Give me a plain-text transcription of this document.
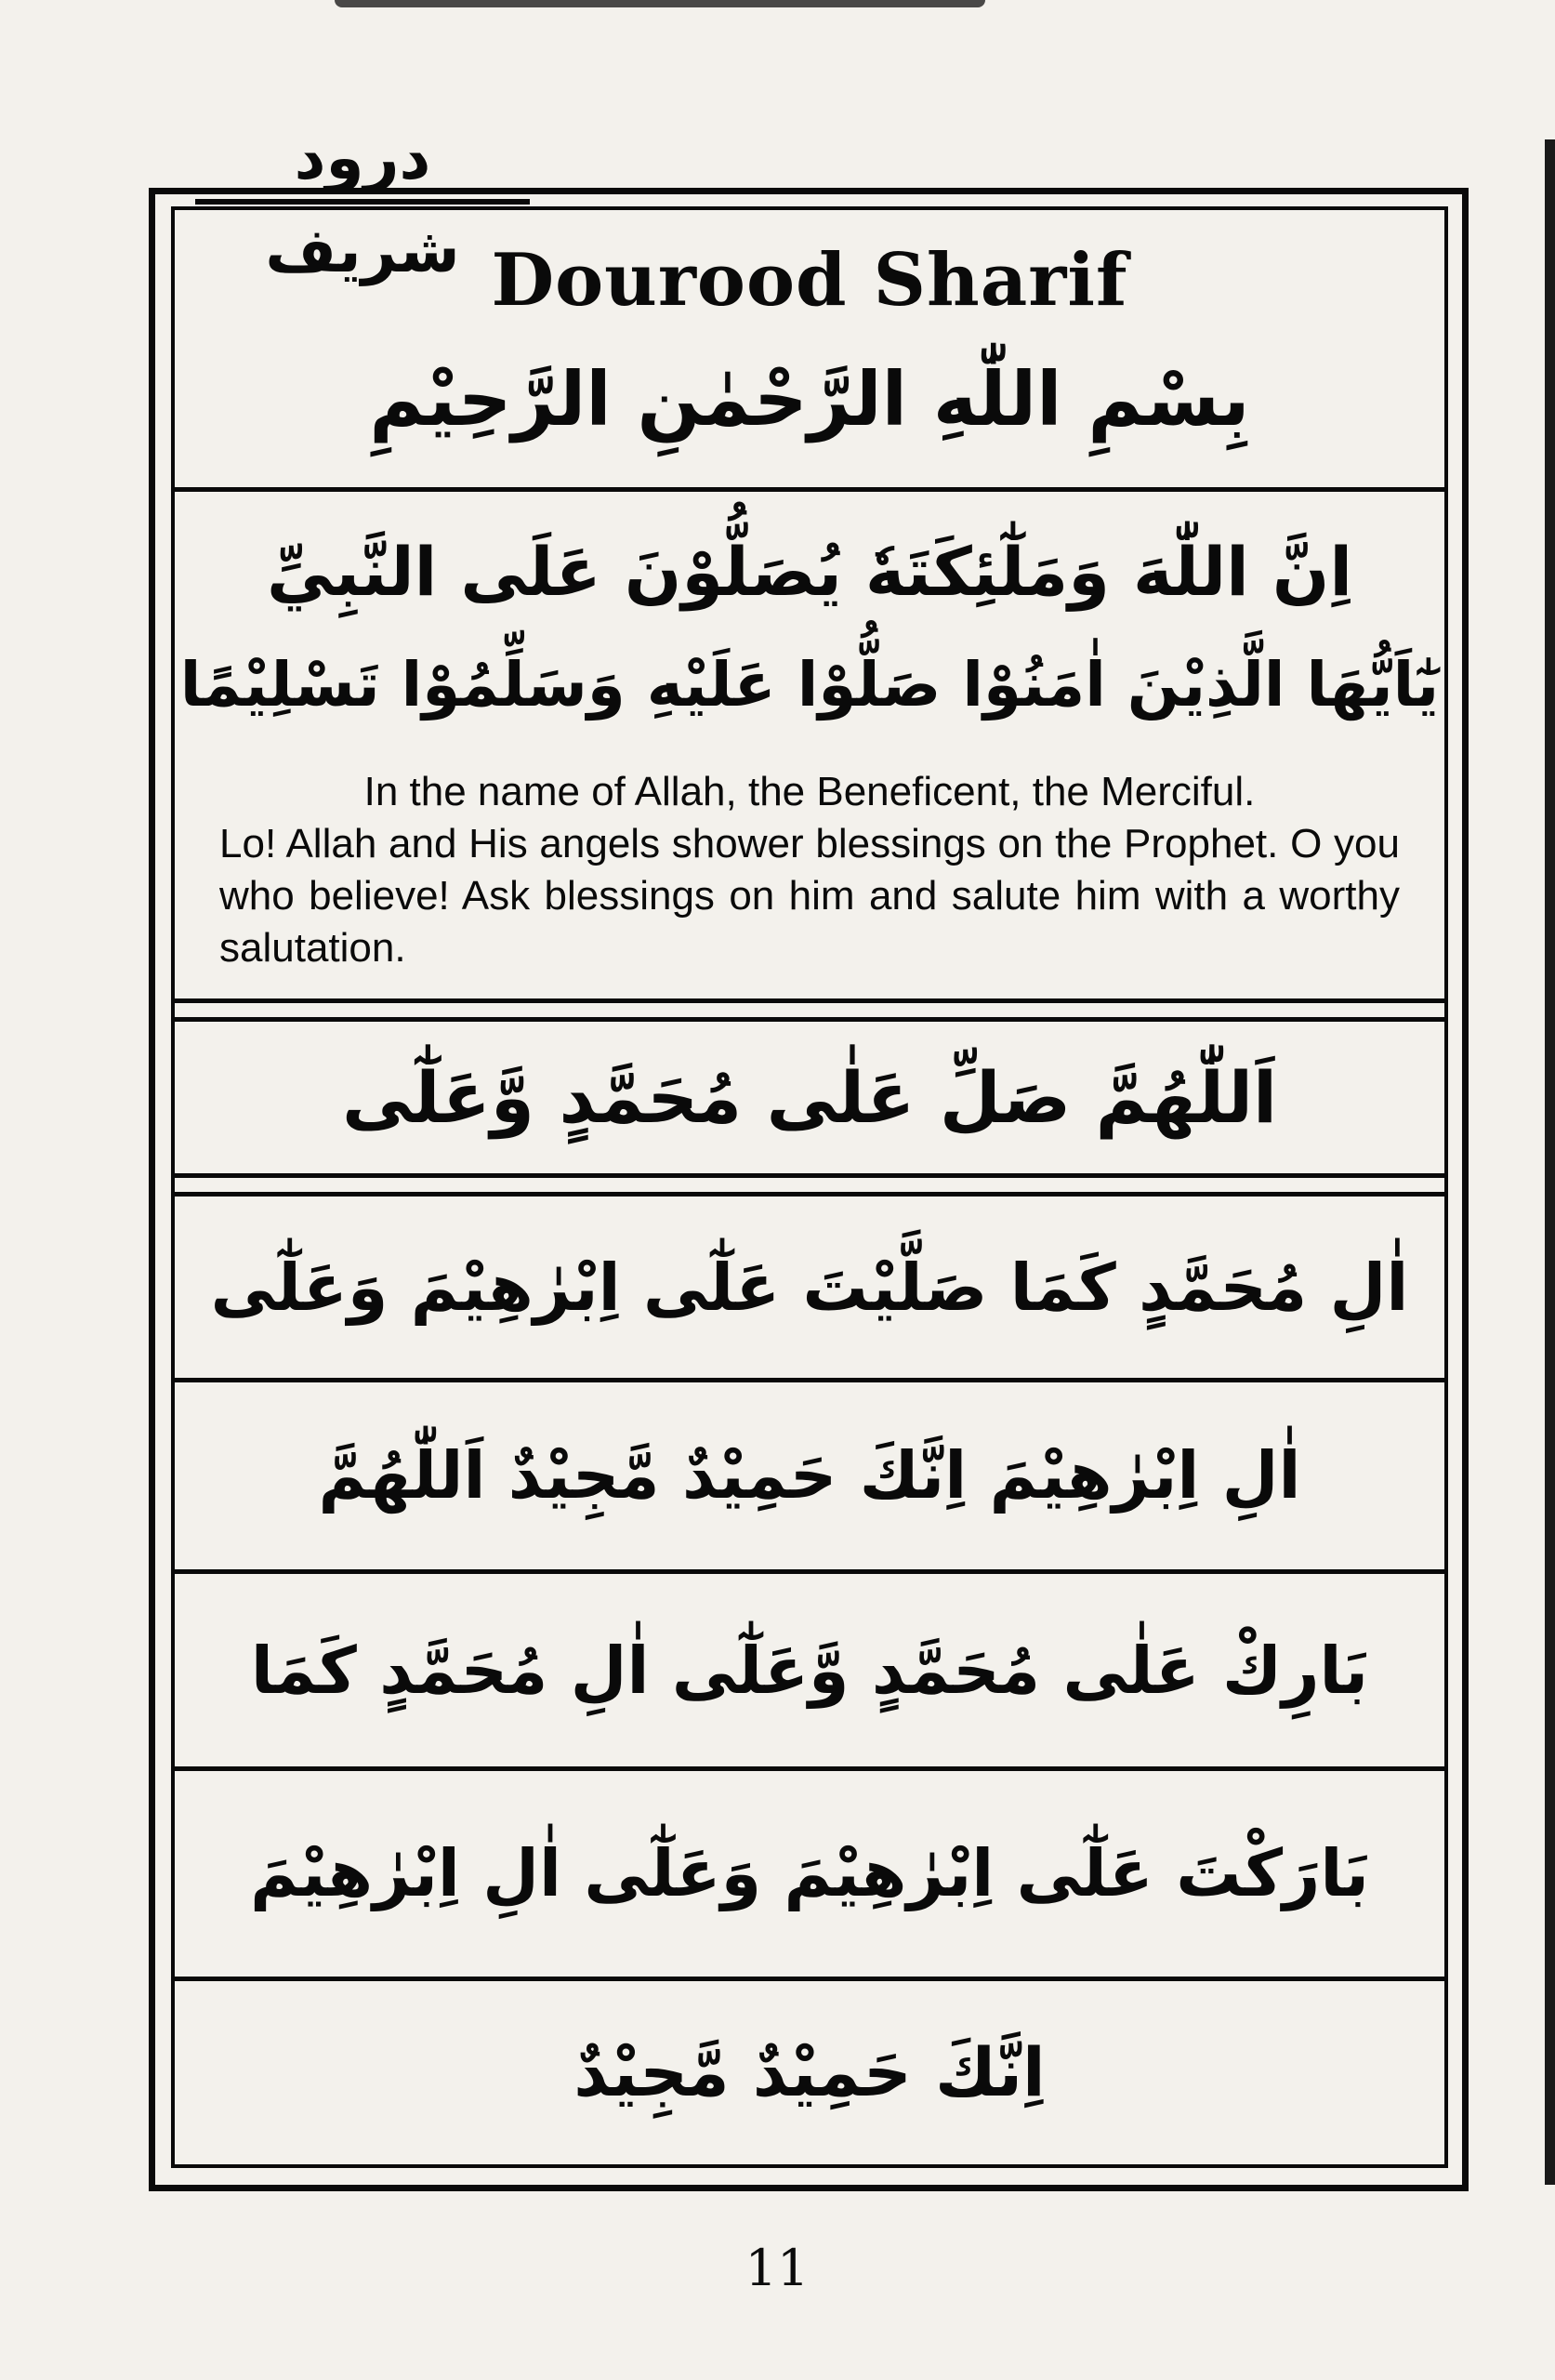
درود شریف Dourood Sharif
بِسْمِ اللّٰهِ الرَّحْمٰنِ الرَّحِيْمِ
اِنَّ اللّٰهَ وَمَلٰٓئِكَتَهٗ يُصَلُّوْنَ عَلَى النَّبِيِّ
يٰٓاَيُّهَا الَّذِيْنَ اٰمَنُوْا صَلُّوْا عَلَيْهِ وَسَلِّمُوْا تَسْلِيْمًا
In the name of Allah, the Beneficent, the Merciful.
Lo! Allah and His angels shower blessings on the Prophet. O you who believe! Ask blessings on him and salute him with a worthy salutation.
اَللّٰهُمَّ صَلِّ عَلٰى مُحَمَّدٍ وَّعَلٰٓى
اٰلِ مُحَمَّدٍ كَمَا صَلَّيْتَ عَلٰٓى اِبْرٰهِيْمَ وَعَلٰٓى
اٰلِ اِبْرٰهِيْمَ اِنَّكَ حَمِيْدٌ مَّجِيْدٌ اَللّٰهُمَّ
بَارِكْ عَلٰى مُحَمَّدٍ وَّعَلٰٓى اٰلِ مُحَمَّدٍ كَمَا
بَارَكْتَ عَلٰٓى اِبْرٰهِيْمَ وَعَلٰٓى اٰلِ اِبْرٰهِيْمَ
اِنَّكَ حَمِيْدٌ مَّجِيْدٌ
11
